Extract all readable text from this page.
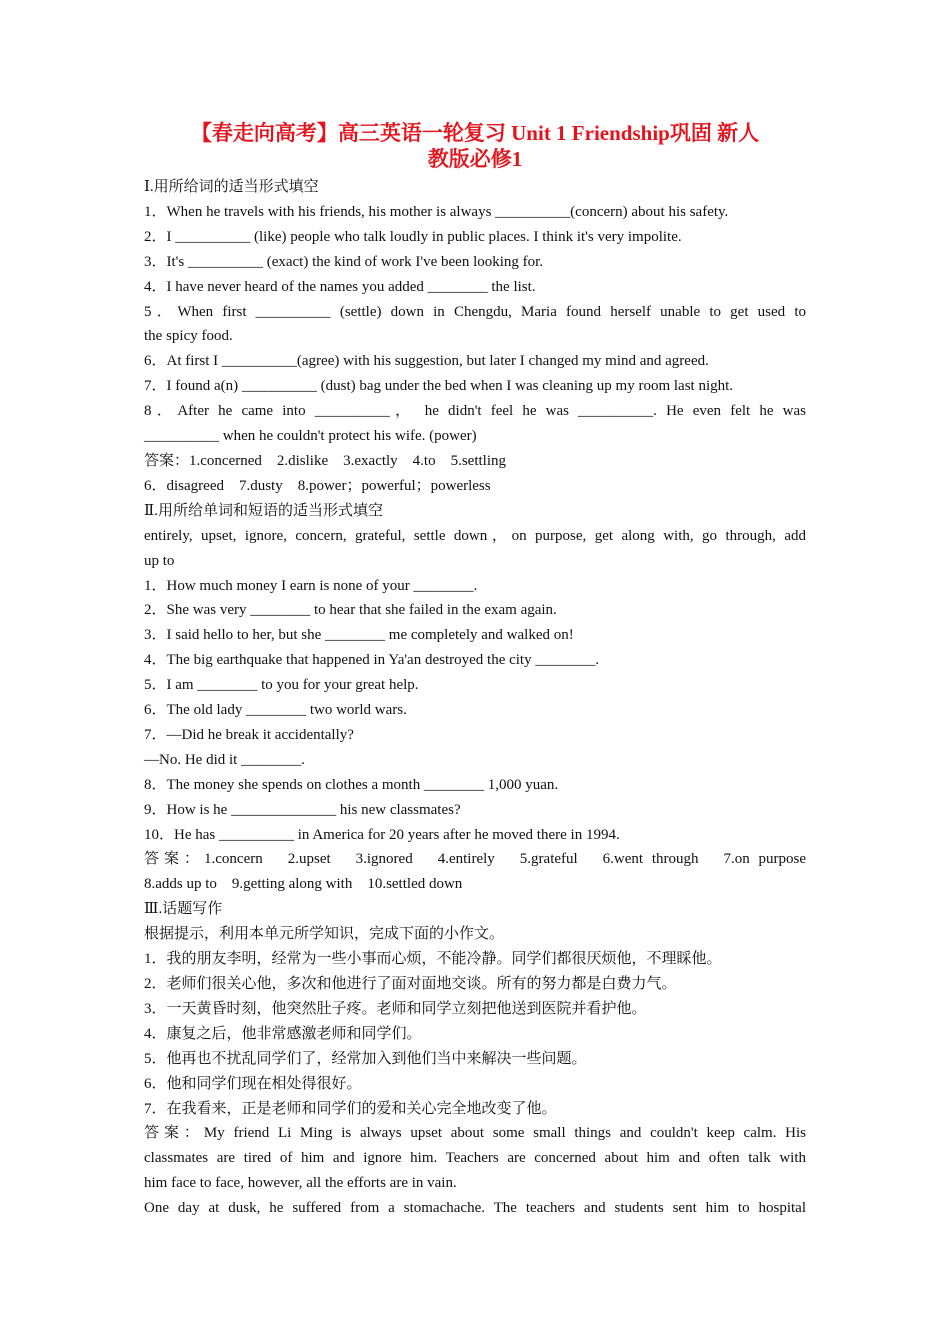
【春走向高考】高三英语一轮复习 Unit 1 Friendship巩固 新人
教版必修1
Ⅰ.用所给词的适当形式填空
1．When he travels with his friends, his mother is always __________(concern) about his safety.
2．I __________ (like) people who talk loudly in public places. I think it's very impolite.
3．It's __________ (exact) the kind of work I've been looking for.
4．I have never heard of the names you added ________ the list.
5．When first __________ (settle) down in Chengdu, Maria found herself unable to get used to
the spicy food.
6．At first I __________(agree) with his suggestion, but later I changed my mind and agreed.
7．I found a(n) __________ (dust) bag under the bed when I was cleaning up my room last night.
8．After he came into __________， he didn't feel he was __________. He even felt he was
__________ when he couldn't protect his wife. (power)
答案：1.concerned　2.dislike　3.exactly　4.to　5.settling
6．disagreed　7.dusty　8.power；powerful；powerless
Ⅱ.用所给单词和短语的适当形式填空
entirely, upset, ignore, concern, grateful, settle down，on purpose, get along with, go through, add
up to
1．How much money I earn is none of your ________.
2．She was very ________ to hear that she failed in the exam again.
3．I said hello to her, but she ________ me completely and walked on!
4．The big earthquake that happened in Ya'an destroyed the city ________.
5．I am ________ to you for your great help.
6．The old lady ________ two world wars.
7．—Did he break it accidentally?
—No. He did it ________.
8．The money she spends on clothes a month ________ 1,000 yuan.
9．How is he ______________ his new classmates?
10．He has __________ in America for 20 years after he moved there in 1994.
答案：1.concern　2.upset　3.ignored　4.entirely　5.grateful　6.went through　7.on purpose
8.adds up to　9.getting along with　10.settled down
Ⅲ.话题写作
根据提示，利用本单元所学知识，完成下面的小作文。
1．我的朋友李明，经常为一些小事而心烦，不能冷静。同学们都很厌烦他，不理睬他。
2．老师们很关心他，多次和他进行了面对面地交谈。所有的努力都是白费力气。
3．一天黄昏时刻，他突然肚子疼。老师和同学立刻把他送到医院并看护他。
4．康复之后，他非常感激老师和同学们。
5．他再也不扰乱同学们了，经常加入到他们当中来解决一些问题。
6．他和同学们现在相处得很好。
7．在我看来，正是老师和同学们的爱和关心完全地改变了他。
答案：My friend Li Ming is always upset about some small things and couldn't keep calm. His
classmates are tired of him and ignore him. Teachers are concerned about him and often talk with
him face to face, however, all the efforts are in vain.
One day at dusk, he suffered from a stomachache. The teachers and students sent him to hospital
